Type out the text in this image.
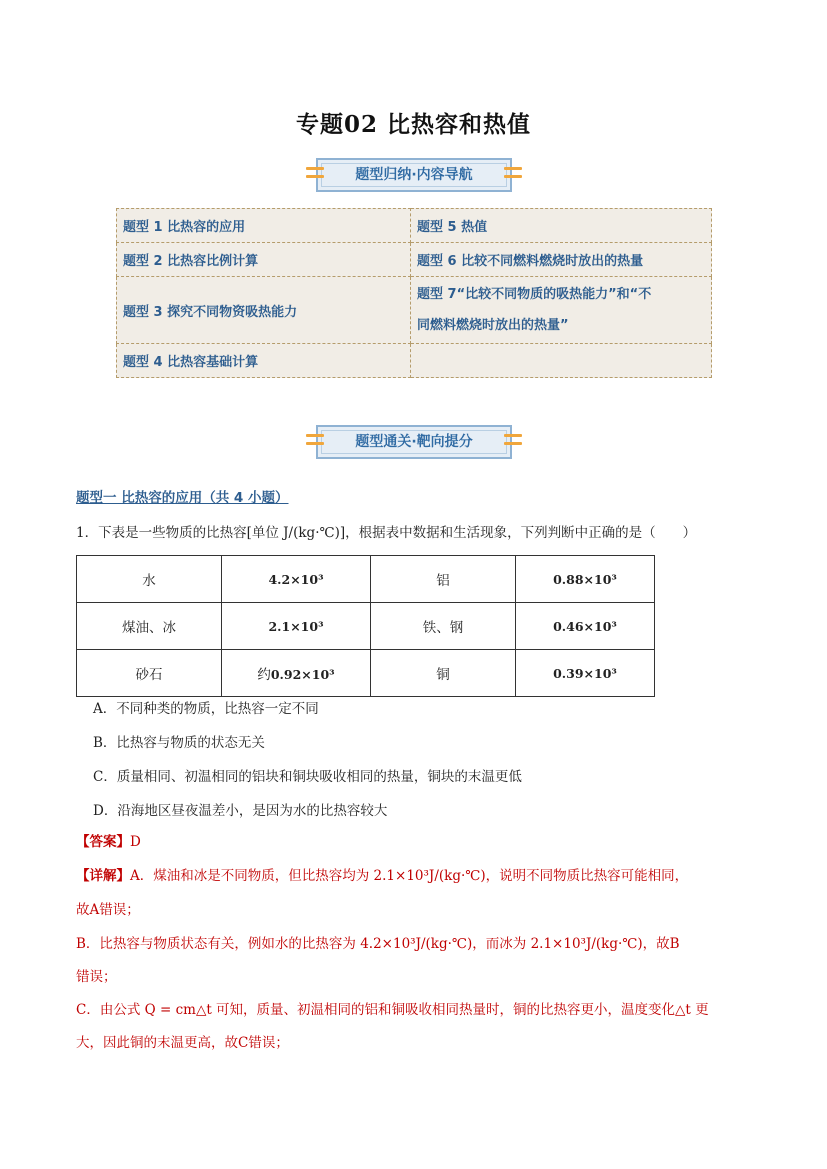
专题02 比热容和热值
题型归纳·内容导航
题型 1 比热容的应用	题型 5 热值
题型 2 比热容比例计算	题型 6 比较不同燃料燃烧时放出的热量
题型 3 探究不同物资吸热能力	题型 7“比较不同物质的吸热能力”和“不
同燃料燃烧时放出的热量”

题型 4 比热容基础计算	
题型通关·靶向提分
题型一 比热容的应用（共 4 小题）
1．下表是一些物质的比热容[单位 J/(kg·℃)]，根据表中数据和生活现象，下列判断中正确的是（　　）
水	4.2×10³	铝	0.88×10³
煤油、冰	2.1×10³	铁、钢	0.46×10³
砂石	约0.92×10³	铜	0.39×10³
A．不同种类的物质，比热容一定不同
B．比热容与物质的状态无关
C．质量相同、初温相同的铝块和铜块吸收相同的热量，铜块的末温更低
D．沿海地区昼夜温差小，是因为水的比热容较大
【答案】D
【详解】A．煤油和冰是不同物质，但比热容均为 2.1×10³J/(kg·℃)，说明不同物质比热容可能相同，
故A错误；
B．比热容与物质状态有关，例如水的比热容为 4.2×10³J/(kg·℃)，而冰为 2.1×10³J/(kg·℃)，故B
错误；
C．由公式 Q = cm△t 可知，质量、初温相同的铝和铜吸收相同热量时，铜的比热容更小，温度变化△t 更
大，因此铜的末温更高，故C错误；
